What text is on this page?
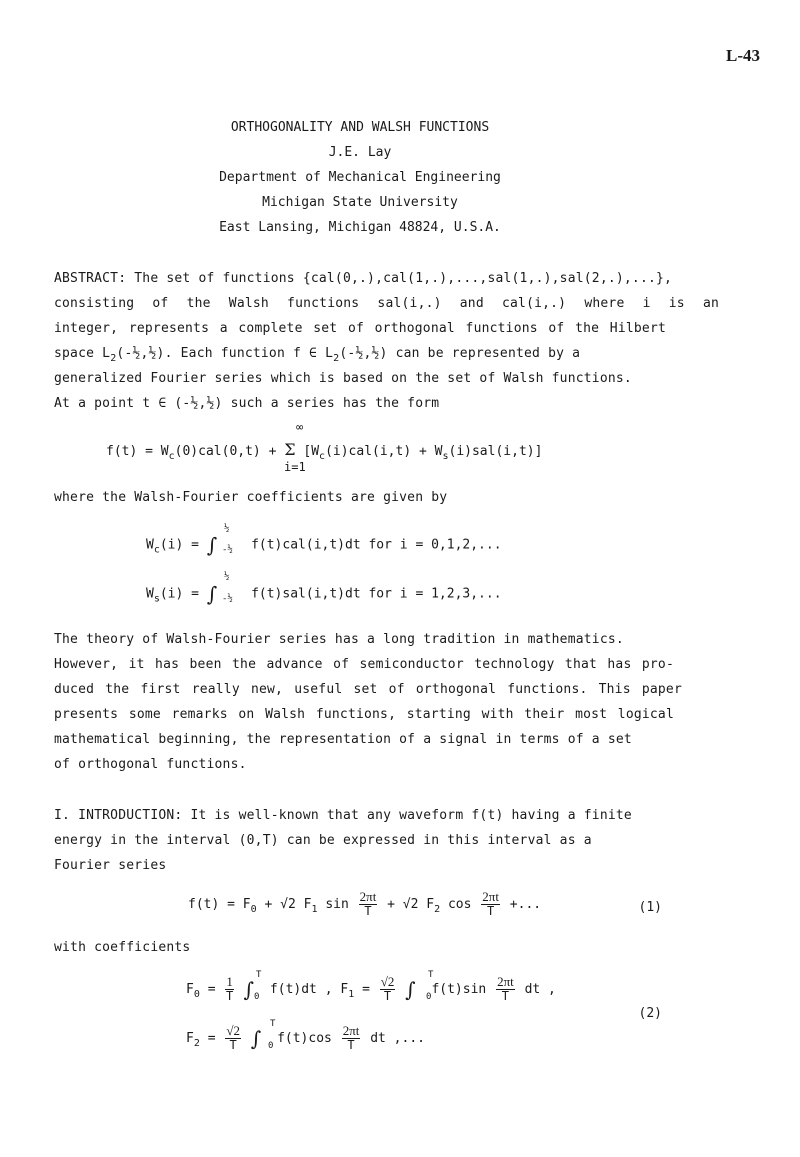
L-43
ORTHOGONALITY AND WALSH FUNCTIONS
J.E. Lay
Department of Mechanical Engineering
Michigan State University
East Lansing, Michigan 48824, U.S.A.
ABSTRACT: The set of functions {cal(0,.),cal(1,.),...,sal(1,.),sal(2,.),...},
consisting of the Walsh functions sal(i,.) and cal(i,.) where i is an
integer, represents a complete set of orthogonal functions of the Hilbert
space $L_2(-\frac{1}{2},\frac{1}{2})$. Each function f ∈ $L_2(-\frac{1}{2},\frac{1}{2})$ can be represented by a
generalized Fourier series which is based on the set of Walsh functions.
At a point t ∈ (-½,½) such a series has the form
∞
$f(t) = W_c(0)cal(0,t) + \Sigma$ $[W_c(i)cal(i,t) + W_s(i)sal(i,t)]$
i=1
where the Walsh-Fourier coefficients are given by
$W_c(i)$ = ∫	f(t)cal(i,t)dt for i = 0,1,2,...
½
-½
$W_s(i)$ = ∫	f(t)sal(i,t)dt for i = 1,2,3,...
½
-½
The theory of Walsh-Fourier series has a long tradition in mathematics.
However, it has been the advance of semiconductor technology that has pro-
duced the first really new, useful set of orthogonal functions. This paper
presents some remarks on Walsh functions, starting with their most logical
mathematical beginning, the representation of a signal in terms of a set
of orthogonal functions.
I. INTRODUCTION: It is well-known that any waveform f(t) having a finite
energy in the interval (0,T) can be expressed in this interval as a
Fourier series
$f(t) = F_0 + √2$ $F_1$ $\sin \frac{2\pi t}{T} + √2$ $F_2$ $\cos \frac{2\pi t}{T}$ +...	(1)
with coefficients
$F_0 = \frac{1}{T}$ ∫ f(t)dt , $F_1 = \frac{√2}{T}$ ∫ $f(t)\sin \frac{2\pi t}{T}$ dt ,
T
0
T
0
(2)
$F_2 = \frac{√2}{T}$ ∫ $f(t)\cos \frac{2\pi t}{T}$ dt ,...
T
0
